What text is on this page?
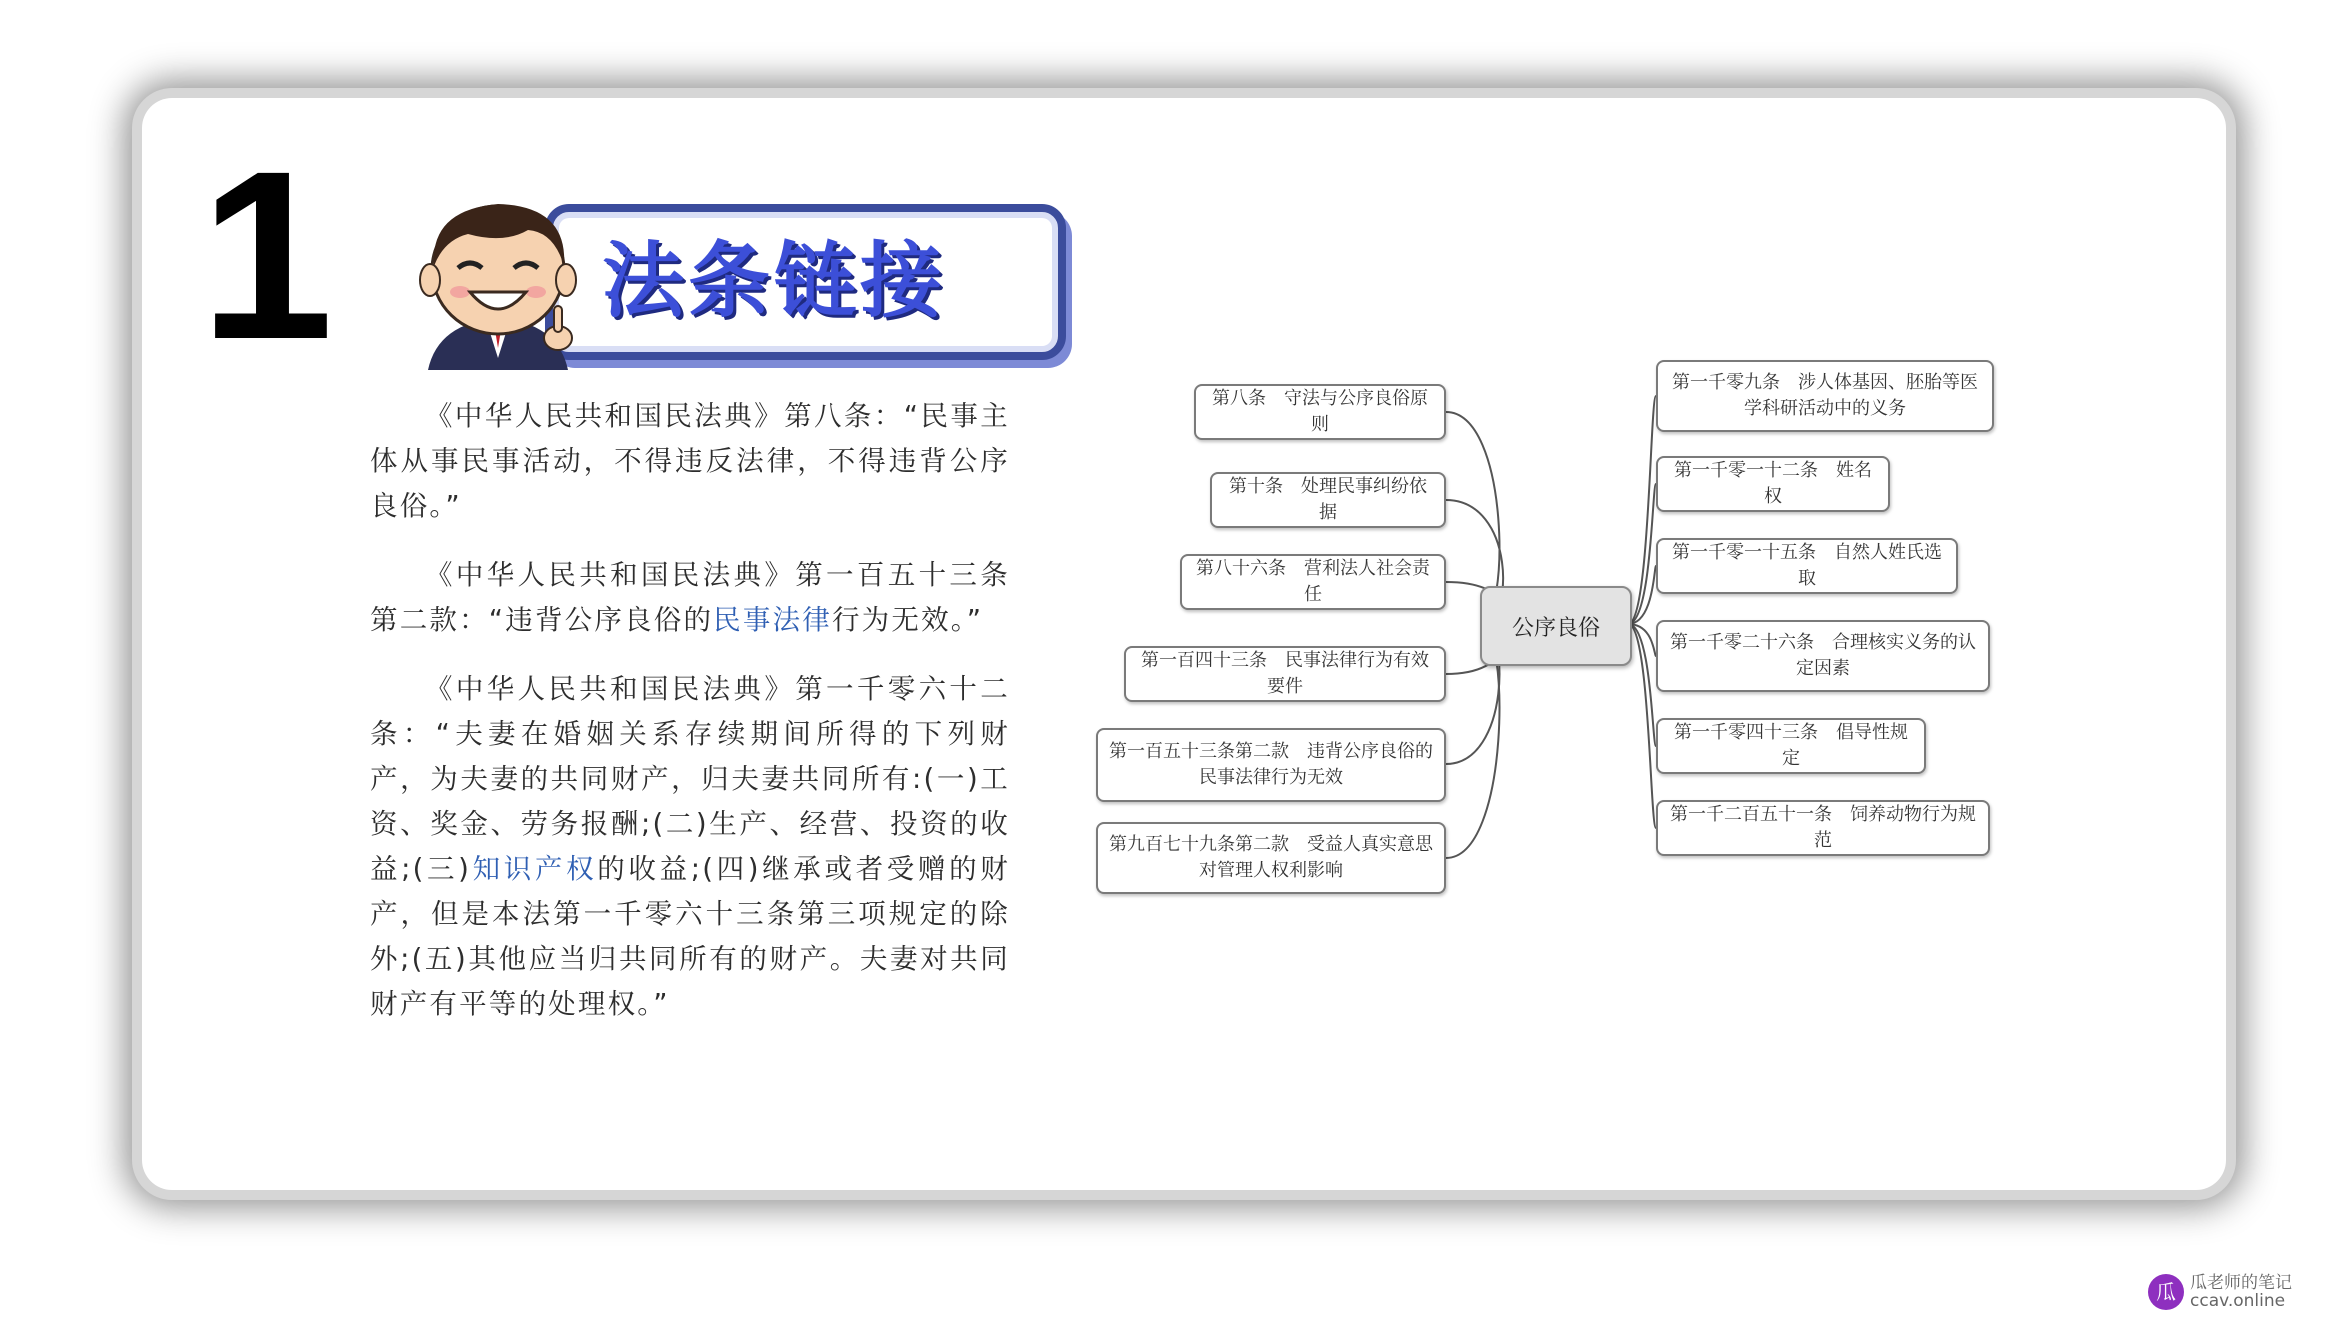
1	法条链接

《中华人民共和国民法典》第八条：“民事主体从事民事活动，不得违反法律，不得违背公序良俗。”

《中华人民共和国民法典》第一百五十三条第二款：“违背公序良俗的民事法律行为无效。”

《中华人民共和国民法典》第一千零六十二条：“夫妻在婚姻关系存续期间所得的下列财产，为夫妻的共同财产，归夫妻共同所有:(一)工资、奖金、劳务报酬;(二)生产、经营、投资的收益;(三)知识产权的收益;(四)继承或者受赠的财产，但是本法第一千零六十三条第三项规定的除外;(五)其他应当归共同所有的财产。夫妻对共同财产有平等的处理权。”

公序良俗
第八条　守法与公序良俗原则
第十条　处理民事纠纷依据
第八十六条　营利法人社会责任
第一百四十三条　民事法律行为有效要件
第一百五十三条第二款　违背公序良俗的民事法律行为无效
第九百七十九条第二款　受益人真实意思对管理人权利影响
第一千零九条　涉人体基因、胚胎等医学科研活动中的义务
第一千零一十二条　姓名权
第一千零一十五条　自然人姓氏选取
第一千零二十六条　合理核实义务的认定因素
第一千零四十三条　倡导性规定
第一千二百五十一条　饲养动物行为规范
瓜 瓜老师的笔记
ccav.online
